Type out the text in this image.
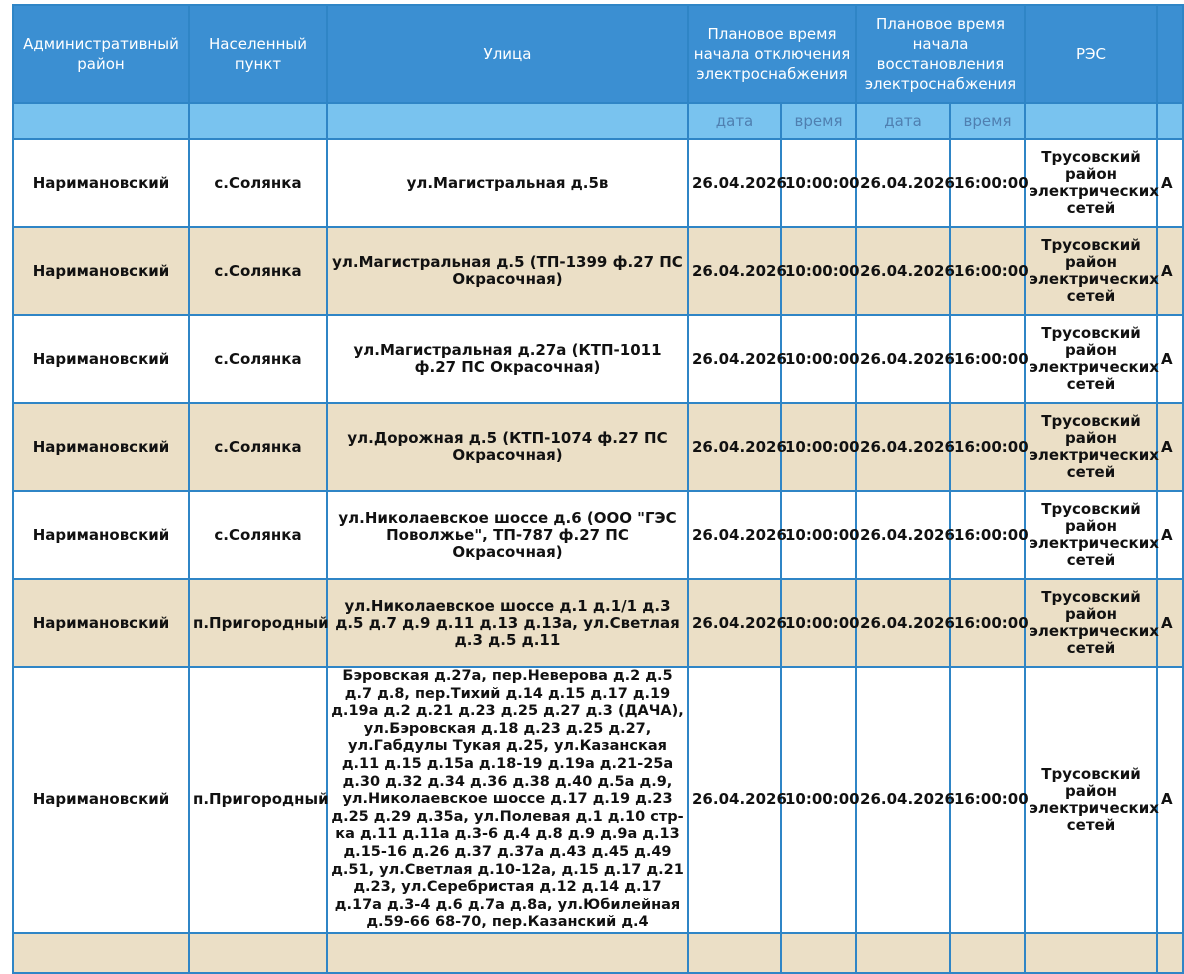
Административный район	Населенный пункт	Улица	Плановое время начала отключения электроснабжения		Плановое время начала восстановления электроснабжения		РЭС	
			дата	время	дата	время		
Наримановский	с.Солянка	ул.Магистральная д.5в	26.04.2026	10:00:00	26.04.2026	16:00:00	Трусовский район электрических сетей	А
Наримановский	с.Солянка	ул.Магистральная д.5 (ТП-1399 ф.27 ПС Окрасочная)	26.04.2026	10:00:00	26.04.2026	16:00:00	Трусовский район электрических сетей	А
Наримановский	с.Солянка	ул.Магистральная д.27а (КТП-1011 ф.27 ПС Окрасочная)	26.04.2026	10:00:00	26.04.2026	16:00:00	Трусовский район электрических сетей	А
Наримановский	с.Солянка	ул.Дорожная д.5 (КТП-1074 ф.27 ПС Окрасочная)	26.04.2026	10:00:00	26.04.2026	16:00:00	Трусовский район электрических сетей	А
Наримановский	с.Солянка	ул.Николаевское шоссе д.6 (ООО "ГЭС Поволжье", ТП-787 ф.27 ПС Окрасочная)	26.04.2026	10:00:00	26.04.2026	16:00:00	Трусовский район электрических сетей	А
Наримановский	п.Пригородный	ул.Николаевское шоссе д.1 д.1/1 д.3 д.5 д.7 д.9 д.11 д.13 д.13а, ул.Светлая д.3 д.5 д.11	26.04.2026	10:00:00	26.04.2026	16:00:00	Трусовский район электрических сетей	А
Наримановский	п.Пригородный	Бэровская д.27а, пер.Неверова д.2 д.5 д.7 д.8, пер.Тихий д.14 д.15 д.17 д.19 д.19а д.2 д.21 д.23 д.25 д.27 д.3 (ДАЧА), ул.Бэровская д.18 д.23 д.25 д.27, ул.Габдулы Тукая д.25, ул.Казанская д.11 д.15 д.15а д.18-19 д.19а д.21-25а д.30 д.32 д.34 д.36 д.38 д.40 д.5а д.9, ул.Николаевское шоссе д.17 д.19 д.23 д.25 д.29 д.35а, ул.Полевая д.1 д.10 стр-ка д.11 д.11а д.3-6 д.4 д.8 д.9 д.9а д.13 д.15-16 д.26 д.37 д.37а д.43 д.45 д.49 д.51, ул.Светлая д.10-12а, д.15 д.17 д.21 д.23, ул.Серебристая д.12 д.14 д.17 д.17а д.3-4 д.6 д.7а д.8а, ул.Юбилейная д.59-66 68-70, пер.Казанский д.4	26.04.2026	10:00:00	26.04.2026	16:00:00	Трусовский район электрических сетей	А
